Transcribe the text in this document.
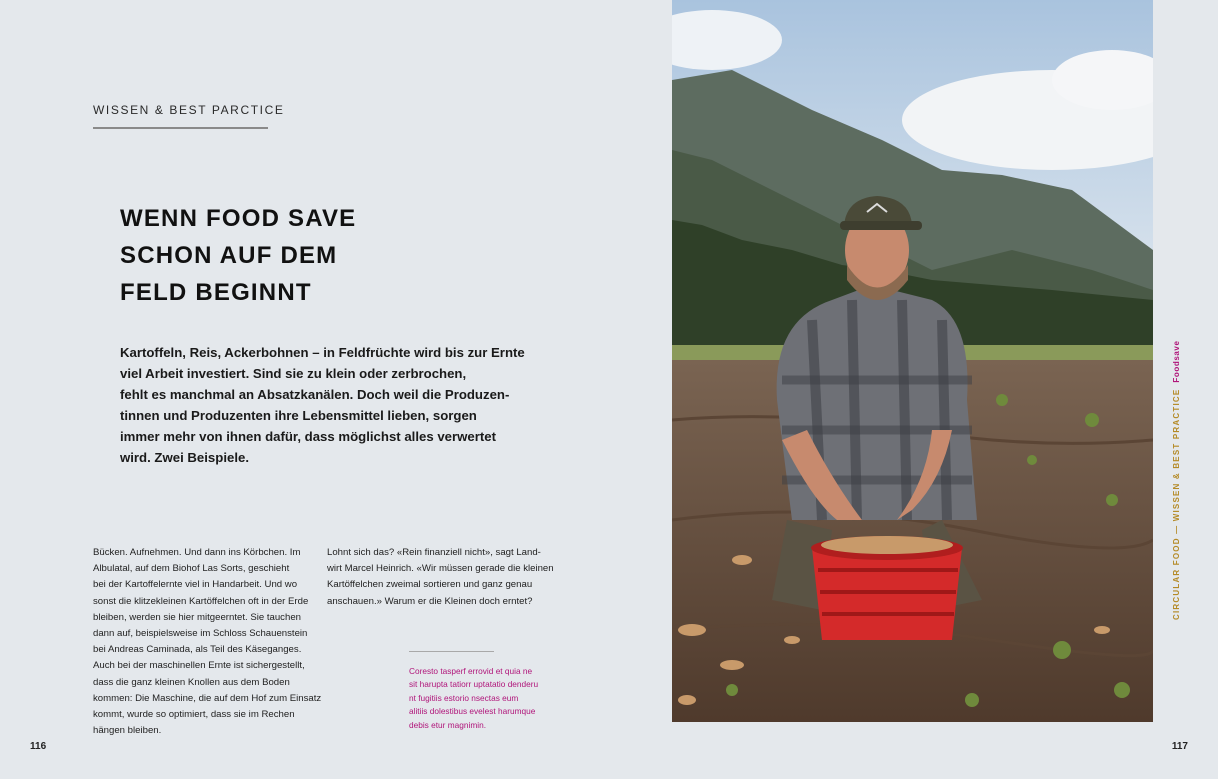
WISSEN & BEST PARCTICE
WENN FOOD SAVE
SCHON AUF DEM
FELD BEGINNT

Kartoffeln, Reis, Ackerbohnen – in Feldfrüchte wird bis zur Ernte
viel Arbeit investiert. Sind sie zu klein oder zerbrochen,
fehlt es manchmal an Absatzkanälen. Doch weil die Produzen-
tinnen und Produzenten ihre Lebensmittel lieben, sorgen
immer mehr von ihnen dafür, dass möglichst alles verwertet
wird. Zwei Beispiele.

Bücken. Aufnehmen. Und dann ins Körbchen. Im
Albulatal, auf dem Biohof Las Sorts, geschieht
bei der Kartoffelernte viel in Handarbeit. Und wo
sonst die klitzekleinen Kartöffelchen oft in der Erde
bleiben, werden sie hier mitgeerntet. Sie tauchen
dann auf, beispielsweise im Schloss Schauenstein
bei Andreas Caminada, als Teil des Käseganges.
Auch bei der maschinellen Ernte ist sichergestellt,
dass die ganz kleinen Knollen aus dem Boden
kommen: Die Maschine, die auf dem Hof zum Einsatz
kommt, wurde so optimiert, dass sie im Rechen
hängen bleiben.

Lohnt sich das? «Rein finanziell nicht», sagt Land-
wirt Marcel Heinrich. «Wir müssen gerade die kleinen
Kartöffelchen zweimal sortieren und ganz genau
anschauen.» Warum er die Kleinen doch erntet?

Coresto tasperf errovid et quia ne
sit harupta tatiorr uptatatio denderu
nt fugitiis estorio nsectas eum
alitiis dolestibus evelest harumque
debis etur magnimin.

116	117
CIRCULAR FOOD — WISSEN & BEST PRACTICEFoodsave
